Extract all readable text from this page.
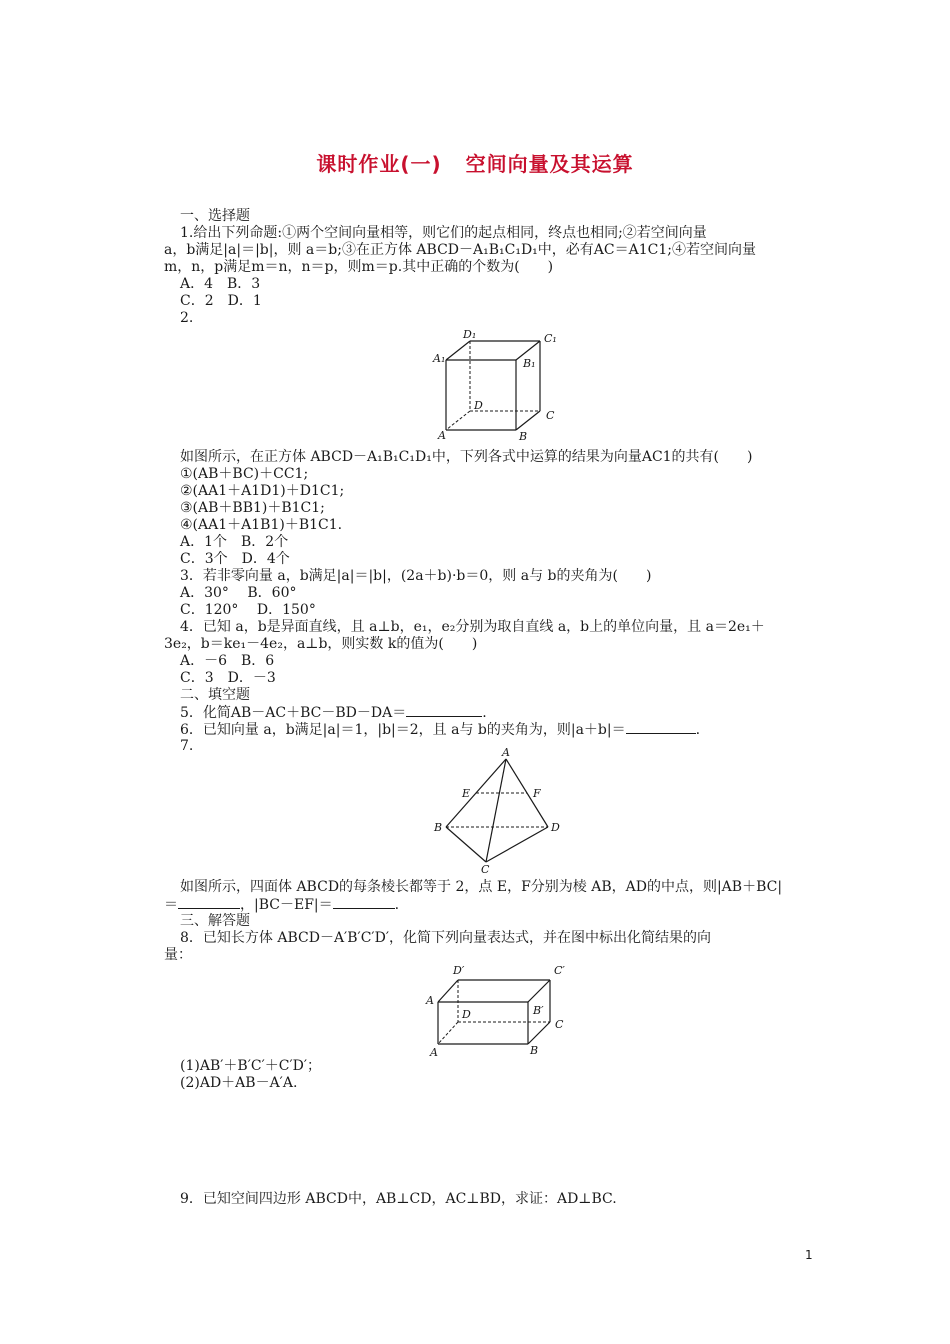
课时作业(一) 空间向量及其运算
一、选择题
1.给出下列命题:①两个空间向量相等，则它们的起点相同，终点也相同;②若空间向量
a，b满足|a|＝|b|，则 a＝b;③在正方体 ABCD－A₁B₁C₁D₁中，必有AC＝A1C1;④若空间向量
m，n，p满足m＝n，n＝p，则m＝p.其中正确的个数为(　　)
A．4　B．3
C．2　D．1
2.
D₁	C₁
A₁	B₁
D
C
A	B
如图所示，在正方体 ABCD－A₁B₁C₁D₁中，下列各式中运算的结果为向量AC1的共有(　　)
①(AB＋BC)＋CC1;
②(AA1＋A1D1)＋D1C1;
③(AB＋BB1)＋B1C1;
④(AA1＋A1B1)＋B1C1.
A．1个　B．2个
C．3个　D．4个
3．若非零向量 a，b满足|a|＝|b|，(2a＋b)·b＝0，则 a与 b的夹角为(　　)
A．30°　 B．60°
C．120°　 D．150°
4．已知 a，b是异面直线，且 a⊥b，e₁，e₂分别为取自直线 a，b上的单位向量，且 a＝2e₁＋
3e₂，b＝ke₁－4e₂，a⊥b，则实数 k的值为(　　)
A．－6　B．6
C．3　D．－3
二、填空题
5．化简AB－AC＋BC－BD－DA＝	.
6．已知向量 a，b满足|a|＝1，|b|＝2，且 a与 b的夹角为，则|a＋b|＝	.
7.	A
E	F
B	D
C
如图所示，四面体 ABCD的每条棱长都等于 2，点 E，F分别为棱 AB，AD的中点，则|AB＋BC|
＝	，|BC－EF|＝	.
三、解答题
8．已知长方体 ABCD－A′B′C′D′，化简下列向量表达式，并在图中标出化简结果的向
量：
D′	C′
A
B′
D
C
A	B
(1)AB′＋B′C′＋C′D′；
(2)AD＋AB－A′A.
9．已知空间四边形 ABCD中，AB⊥CD，AC⊥BD，求证：AD⊥BC.
1
